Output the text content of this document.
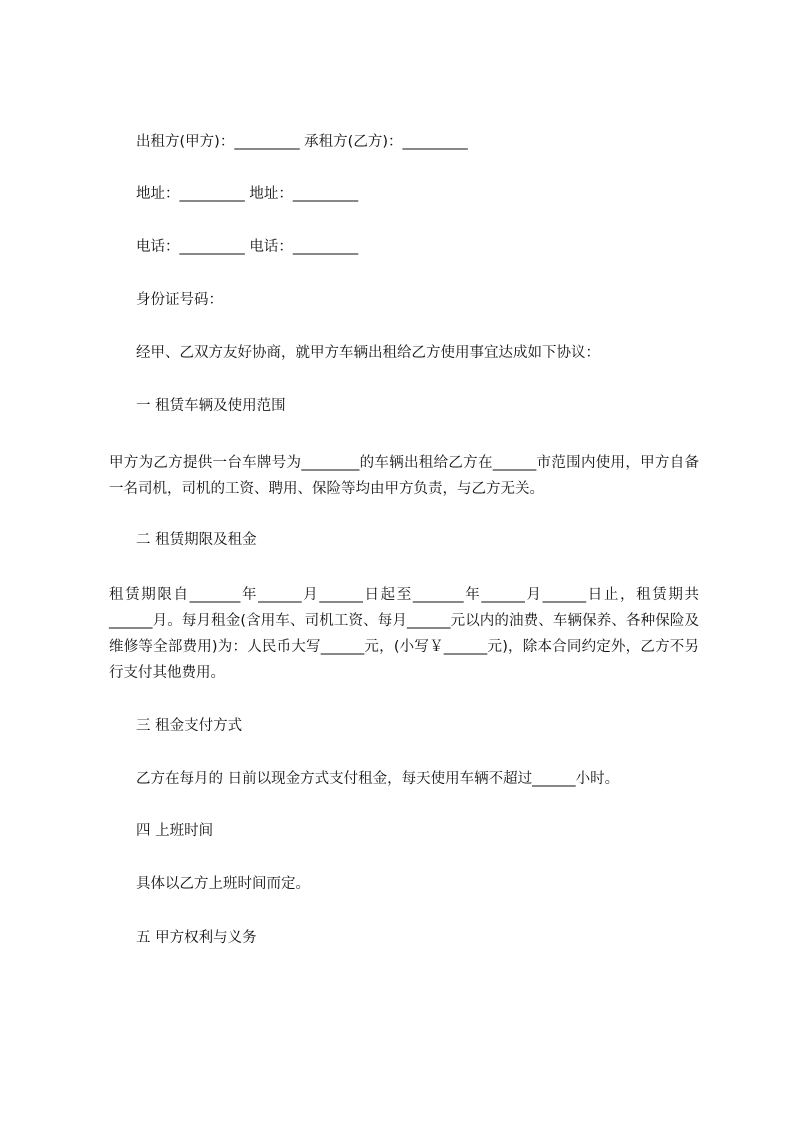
出租方(甲方)：_________ 承租方(乙方)：_________

地址：_________ 地址：_________

电话：_________ 电话：_________

身份证号码：

经甲、乙双方友好协商，就甲方车辆出租给乙方使用事宜达成如下协议：

一 租赁车辆及使用范围

甲方为乙方提供一台车牌号为________的车辆出租给乙方在______市范围内使用，甲方自备一名司机，司机的工资、聘用、保险等均由甲方负责，与乙方无关。

二 租赁期限及租金

租赁期限自_______年______月______日起至_______年______月______日止，租赁期共______月。每月租金(含用车、司机工资、每月______元以内的油费、车辆保养、各种保险及维修等全部费用)为：人民币大写______元，(小写￥______元)，除本合同约定外，乙方不另行支付其他费用。

三 租金支付方式

乙方在每月的 日前以现金方式支付租金，每天使用车辆不超过______小时。

四 上班时间

具体以乙方上班时间而定。

五 甲方权利与义务
